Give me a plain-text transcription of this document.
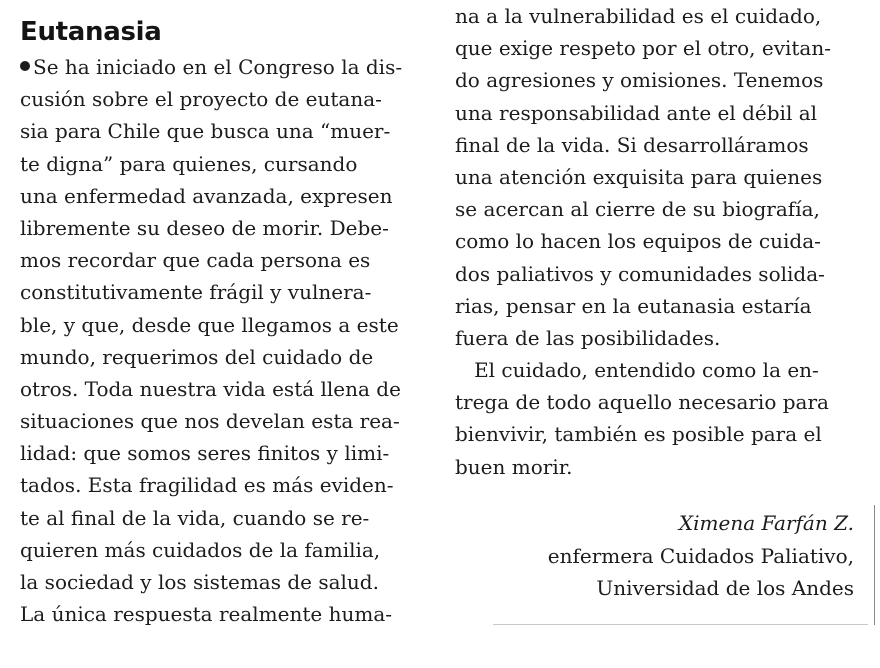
Eutanasia
Se ha iniciado en el Congreso la dis-
cusión sobre el proyecto de eutana-
sia para Chile que busca una “muer-
te digna” para quienes, cursando
una enfermedad avanzada, expresen
libremente su deseo de morir. Debe-
mos recordar que cada persona es
constitutivamente frágil y vulnera-
ble, y que, desde que llegamos a este
mundo, requerimos del cuidado de
otros. Toda nuestra vida está llena de
situaciones que nos develan esta rea-
lidad: que somos seres finitos y limi-
tados. Esta fragilidad es más eviden-
te al final de la vida, cuando se re-
quieren más cuidados de la familia,
la sociedad y los sistemas de salud.
La única respuesta realmente huma-
na a la vulnerabilidad es el cuidado,
que exige respeto por el otro, evitan-
do agresiones y omisiones. Tenemos
una responsabilidad ante el débil al
final de la vida. Si desarrolláramos
una atención exquisita para quienes
se acercan al cierre de su biografía,
como lo hacen los equipos de cuida-
dos paliativos y comunidades solida-
rias, pensar en la eutanasia estaría
fuera de las posibilidades.
El cuidado, entendido como la en-
trega de todo aquello necesario para
bienvivir, también es posible para el
buen morir.
Ximena Farfán Z.
enfermera Cuidados Paliativo,
Universidad de los Andes
